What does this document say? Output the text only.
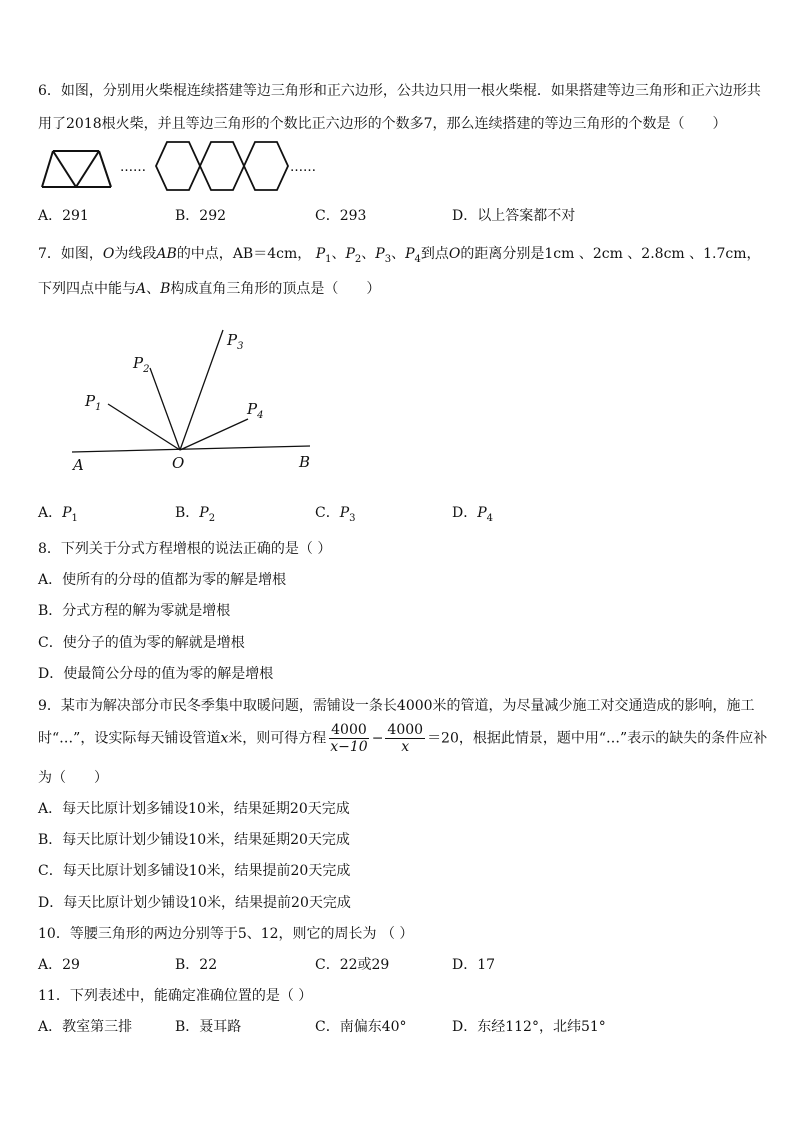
6．如图，分别用火柴棍连续搭建等边三角形和正六边形，公共边只用一根火柴棍．如果搭建等边三角形和正六边形共
用了2018根火柴，并且等边三角形的个数比正六边形的个数多7，那么连续搭建的等边三角形的个数是（　　）
……	……
A．291	B．292	C．293	D．以上答案都不对
7．如图，O为线段AB的中点，AB＝4cm， $P_1$、$P_2$、$P_3$、$P_4$到点O的距离分别是1cm 、2cm 、2.8cm 、1.7cm，
下列四点中能与A、B构成直角三角形的顶点是（　　）
$P_1$
$P_2$
$P_3$
$P_4$
A	O	B
A．$P_1$	B．$P_2$	C．$P_3$	D．$P_4$
8．下列关于分式方程增根的说法正确的是（ ）
A．使所有的分母的值都为零的解是增根
B．分式方程的解为零就是增根
C．使分子的值为零的解就是增根
D．使最简公分母的值为零的解是增根
9．某市为解决部分市民冬季集中取暖问题，需铺设一条长4000米的管道，为尽量减少施工对交通造成的影响，施工
时“…”，设实际每天铺设管道x米，则可得方程 $\frac{4000}{x-10} - \frac{4000}{x} =20$，根据此情景，题中用“…”表示的缺失的条件应补
为（　　）
A．每天比原计划多铺设10米，结果延期20天完成
B．每天比原计划少铺设10米，结果延期20天完成
C．每天比原计划多铺设10米，结果提前20天完成
D．每天比原计划少铺设10米，结果提前20天完成
10．等腰三角形的两边分别等于5、12，则它的周长为 （ ）
A．29	B．22	C．22或29	D．17
11．下列表述中，能确定准确位置的是（ ）
A．教室第三排	B．聂耳路	C．南偏东40°	D．东经112°，北纬51°
